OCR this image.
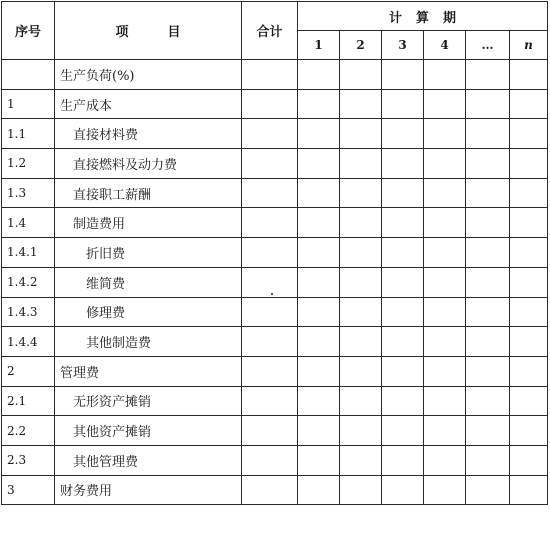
序号	项    目	合计	计算期					
			1	2	3	4	…	n
	生产负荷(%)							
1	生产成本							
1.1	直接材料费							
1.2	直接燃料及动力费							
1.3	直接职工薪酬							
1.4	制造费用							
1.4.1	折旧费							
1.4.2	维简费							
1.4.3	修理费							
1.4.4	其他制造费							
2	管理费							
2.1	无形资产摊销							
2.2	其他资产摊销							
2.3	其他管理费							
3	财务费用							
